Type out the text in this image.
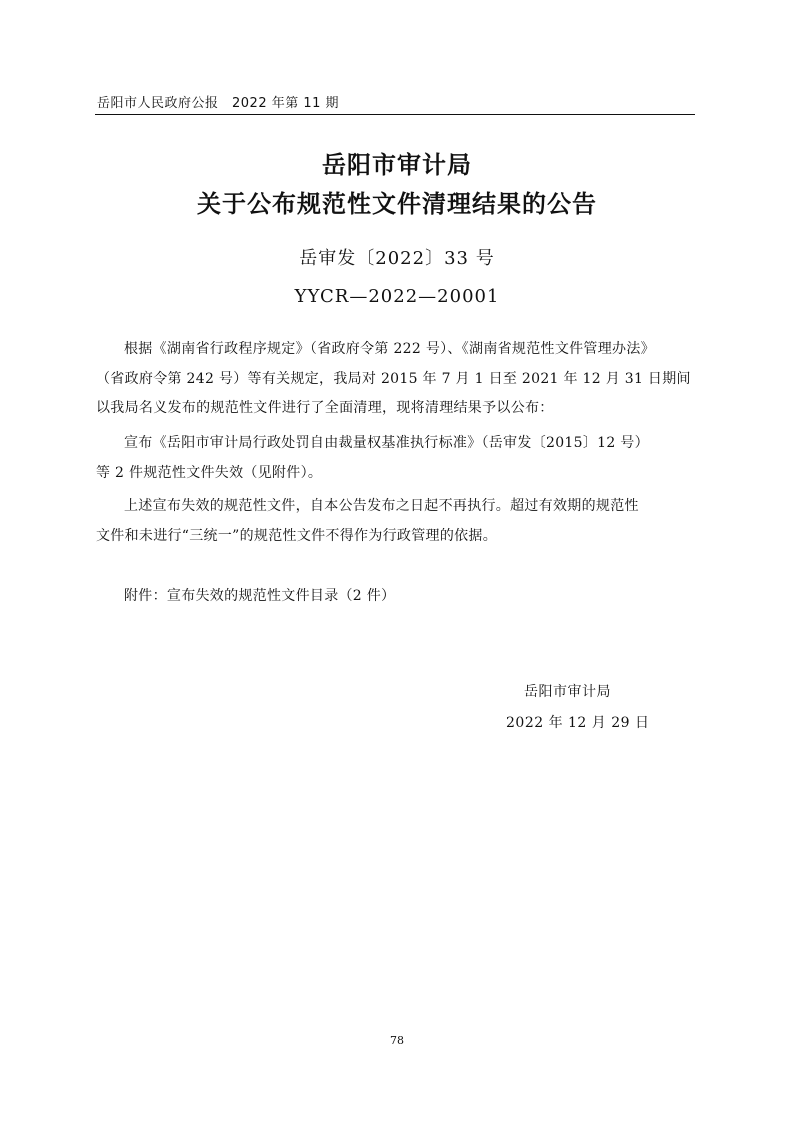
岳阳市人民政府公报　2022 年第 11 期
岳阳市审计局
关于公布规范性文件清理结果的公告
岳审发〔2022〕33 号
YYCR—2022—20001
根据《湖南省行政程序规定》（省政府令第 222 号）、《湖南省规范性文件管理办法》
（省政府令第 242 号）等有关规定，我局对 2015 年 7 月 1 日至 2021 年 12 月 31 日期间
以我局名义发布的规范性文件进行了全面清理，现将清理结果予以公布：
宣布《岳阳市审计局行政处罚自由裁量权基准执行标准》（岳审发〔2015〕12 号）
等 2 件规范性文件失效（见附件）。
上述宣布失效的规范性文件，自本公告发布之日起不再执行。超过有效期的规范性
文件和未进行“三统一”的规范性文件不得作为行政管理的依据。
附件：宣布失效的规范性文件目录（2 件）
岳阳市审计局
2022 年 12 月 29 日
78
